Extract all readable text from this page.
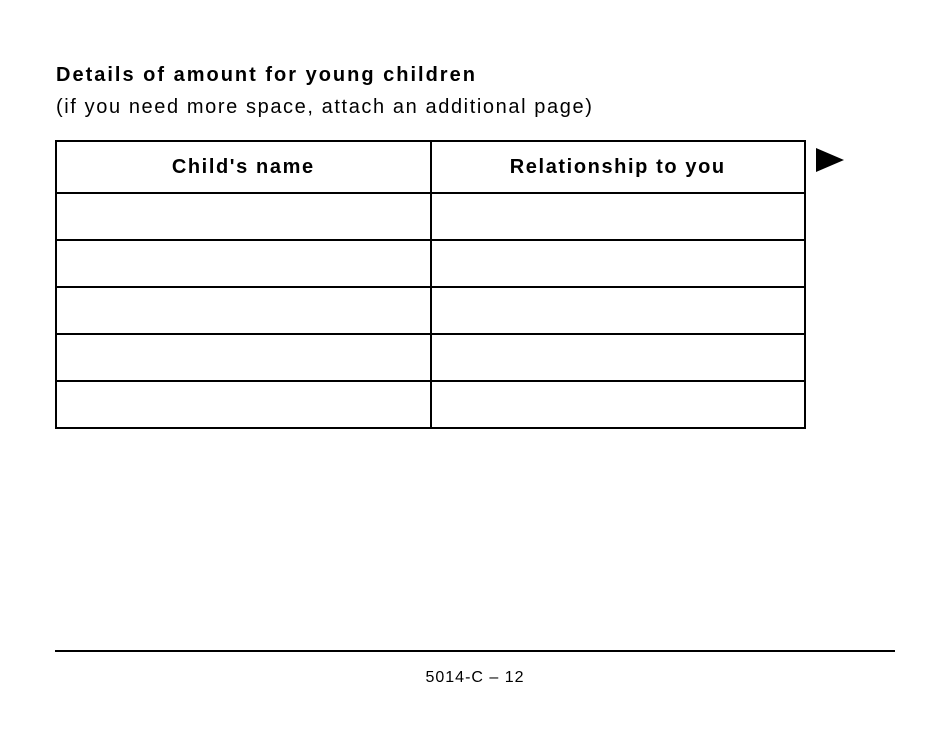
Details of amount for young children
(if you need more space, attach an additional page)
Child's name	Relationship to you

5014-C – 12
